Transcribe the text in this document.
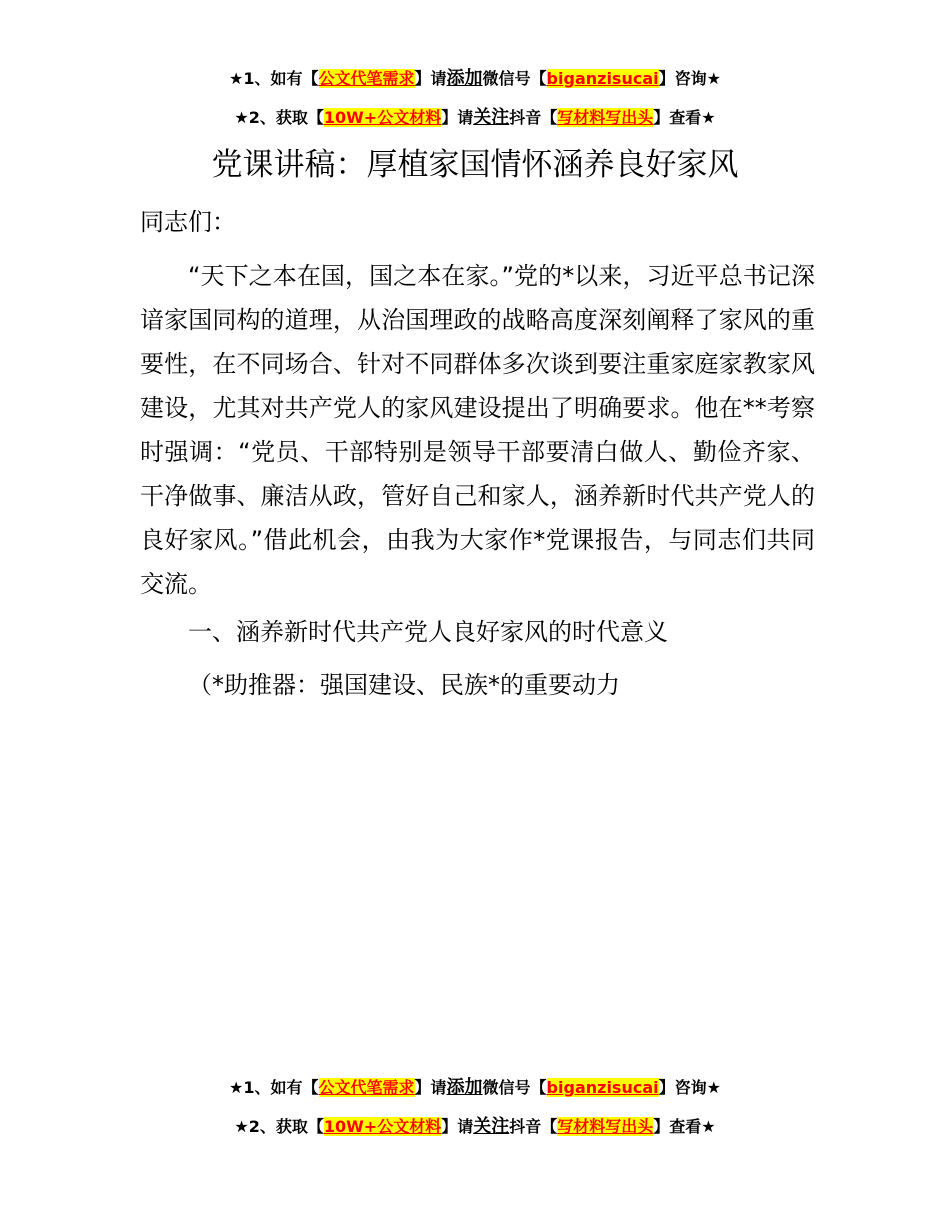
★1、如有【公文代笔需求】请添加微信号【biganzisucai】咨询★
★2、获取【10W+公文材料】请关注抖音【写材料写出头】查看★
党课讲稿：厚植家国情怀涵养良好家风
同志们：
“天下之本在国，国之本在家。”党的*以来，习近平总书记深谙家国同构的道理，从治国理政的战略高度深刻阐释了家风的重要性，在不同场合、针对不同群体多次谈到要注重家庭家教家风建设，尤其对共产党人的家风建设提出了明确要求。他在**考察时强调：“党员、干部特别是领导干部要清白做人、勤俭齐家、干净做事、廉洁从政，管好自己和家人，涵养新时代共产党人的良好家风。”借此机会，由我为大家作*党课报告，与同志们共同交流。
一、涵养新时代共产党人良好家风的时代意义
（*助推器：强国建设、民族*的重要动力
★1、如有【公文代笔需求】请添加微信号【biganzisucai】咨询★
★2、获取【10W+公文材料】请关注抖音【写材料写出头】查看★
